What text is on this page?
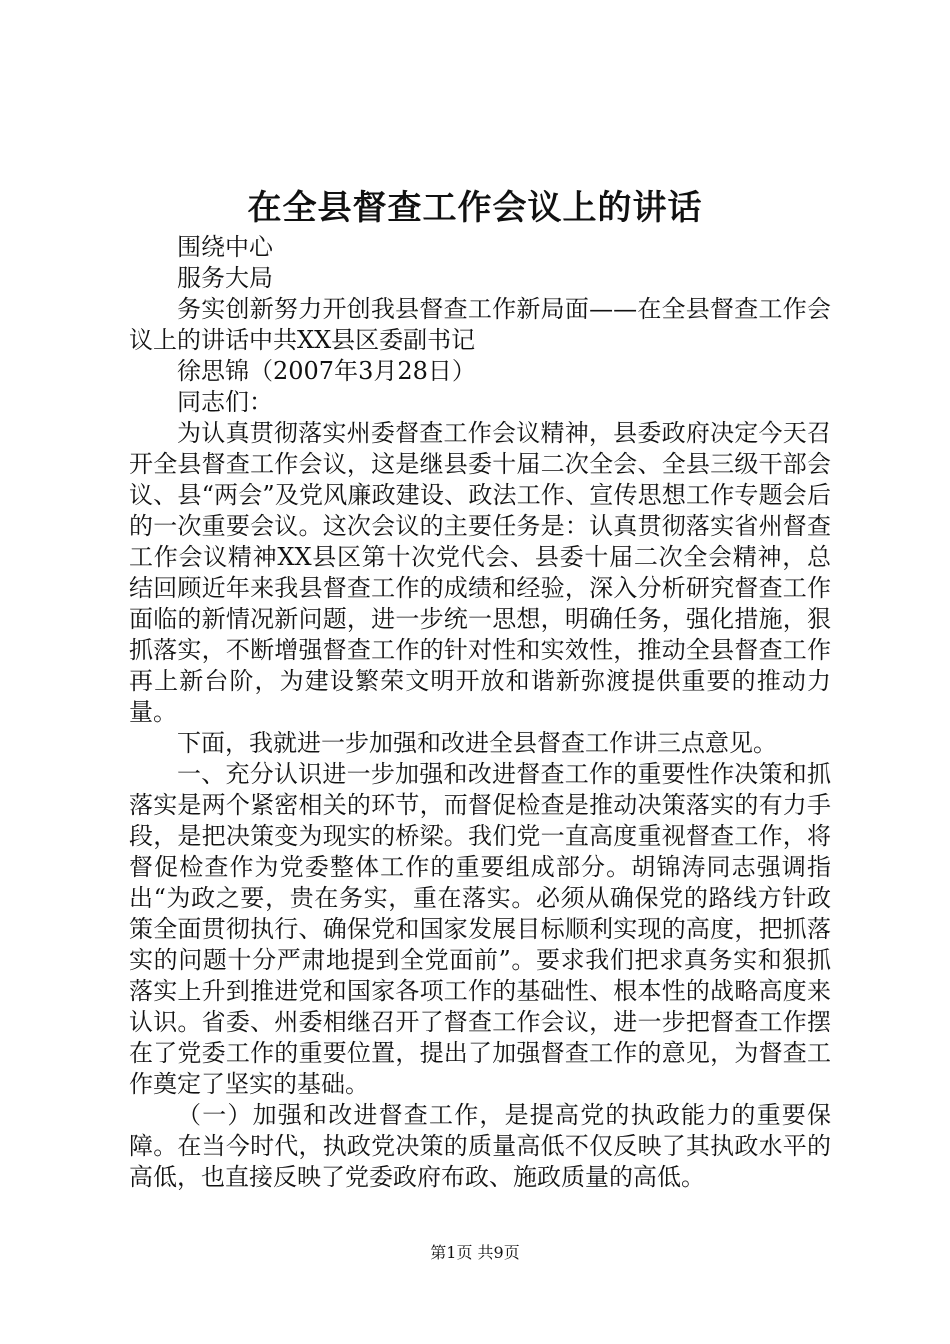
在全县督查工作会议上的讲话

围绕中心

服务大局

务实创新努力开创我县督查工作新局面——在全县督查工作会议上的讲话中共XX县区委副书记

徐思锦（2007年3月28日）

同志们：

为认真贯彻落实州委督查工作会议精神，县委政府决定今天召开全县督查工作会议，这是继县委十届二次全会、全县三级干部会议、县“两会”及党风廉政建设、政法工作、宣传思想工作专题会后的一次重要会议。这次会议的主要任务是：认真贯彻落实省州督查工作会议精神XX县区第十次党代会、县委十届二次全会精神，总结回顾近年来我县督查工作的成绩和经验，深入分析研究督查工作面临的新情况新问题，进一步统一思想，明确任务，强化措施，狠抓落实，不断增强督查工作的针对性和实效性，推动全县督查工作再上新台阶，为建设繁荣文明开放和谐新弥渡提供重要的推动力量。

下面，我就进一步加强和改进全县督查工作讲三点意见。

一、充分认识进一步加强和改进督查工作的重要性作决策和抓落实是两个紧密相关的环节，而督促检查是推动决策落实的有力手段，是把决策变为现实的桥梁。我们党一直高度重视督查工作，将督促检查作为党委整体工作的重要组成部分。胡锦涛同志强调指出“为政之要，贵在务实，重在落实。必须从确保党的路线方针政策全面贯彻执行、确保党和国家发展目标顺利实现的高度，把抓落实的问题十分严肃地提到全党面前”。要求我们把求真务实和狠抓落实上升到推进党和国家各项工作的基础性、根本性的战略高度来认识。省委、州委相继召开了督查工作会议，进一步把督查工作摆在了党委工作的重要位置，提出了加强督查工作的意见，为督查工作奠定了坚实的基础。

（一）加强和改进督查工作，是提高党的执政能力的重要保障。在当今时代，执政党决策的质量高低不仅反映了其执政水平的高低，也直接反映了党委政府布政、施政质量的高低。

第1页 共9页
